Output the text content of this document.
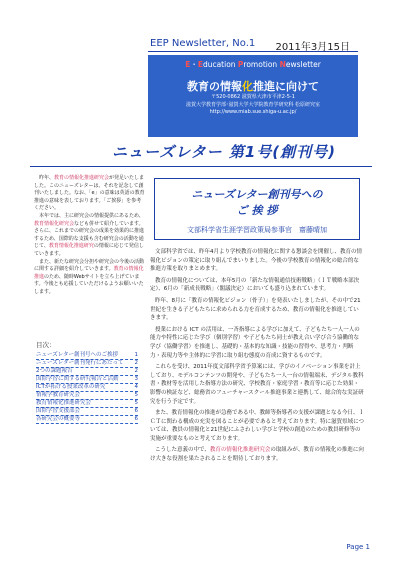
EEP Newsletter, No.1 2011年3月15日
E・Education Promotion Newsletter
教育の情報化推進に向けて
〒520-0862 滋賀県大津市平津2-5-1
滋賀大学教育学部･滋賀大学大学院教育学研究科 松原研究室
http://www.miab.sue.shiga-u.ac.jp/
ニューズレター 第1号(創刊号)

昨年、教育の情報化推進研究会が発足いたしました。このニューズレターは、それを記念して創刊いたしました。なお、「e」の意味は英語の教育推進の意味を表しております。「ご挨拶」を参考ください。

本年では、主に研究会の情報提供にあるため、教育情報化研究会なども併せて紹介しています。さらに、これまでの研究会の成果を効果的に推進するため、国際的な支援も含む研究会の活動を通じて、教育情報化推進研究の情報に応じて発信していきます。

また、新たな研究会分担や研究会の今後の活動に関する詳細を紹介していきます。教育の情報化推進のため、随時Webサイトを立ち上げています。今後とも応援していただけるようお願いいたします。

目次：
ニューズレター創刊号へのご挨拶	1
ニューズレター創刊発行にあたって	2
2つの課題報告	2
国際学習に関する研究報告と活動	3
ICTが拓ける授業改革の研究	4
情報学教育研究会	5
教育情報化推進研究会	5
国際学習支援部会	6
各研究会の概要等	6
ニューズレター創刊号への
ご 挨 拶
文部科学省生涯学習政策局参事官　齋藤晴加

文部科学省では、昨年4月より学校教育の情報化に関する懇談会を開催し、教育の情報化ビジョンの策定に取り組んでまいりました。今後の学校教育の情報化の総合的な推進方策を取りまとめます。

教育の情報化については、本年5月の「新たな情報通信技術戦略」（ＩＴ戦略本部決定）、6月の「新成長戦略」（閣議決定）においても盛り込まれています。

昨年、8月に「教育の情報化ビジョン（骨子）」を発表いたしましたが、その中で21世紀を生きる子どもたちに求められる力を育成するため、教育の情報化を推進していきます。

授業における ICT の活用は、一斉指導による学びに加えて、子どもたち一人一人の能力や特性に応じた学び（個別学習）や子どもたち同士が教え合い学び合う協働的な学び（協働学習）を推進し、基礎的・基本的な知識・技能の習得や、思考力・判断力・表現力等や主体的に学習に取り組む態度の育成に資するものです。

これらを受け、2011年度文部科学省予算案には、学びのイノベーション事業を計上しており、モデルコンテンツの開発や、子どもたち一人一台の情報端末、デジタル教科書・教材等を活用した指導方法の研究、学校教育・家庭学習・教育等に応じた効果・影響の検証など、総務省のフューチャースクール推進事業と連携して、総合的な実証研究を行う予定です。

また、教育情報化の推進が急務である中、教師等指導者の支援が課題となる今日、ＩＣＴに関わる構成の充実を図ることが必要であると考えております。特に滋賀県域については、教員の情報化と21世紀にふさわしい学びと学校の創造のための教員研修等の実施が重要なものと考えております。

こうした意義の中で、教育の情報化推進研究会の取組みが、教育の情報化の推進に向け大きな役割を果たされることを期待しております。

Page 1
